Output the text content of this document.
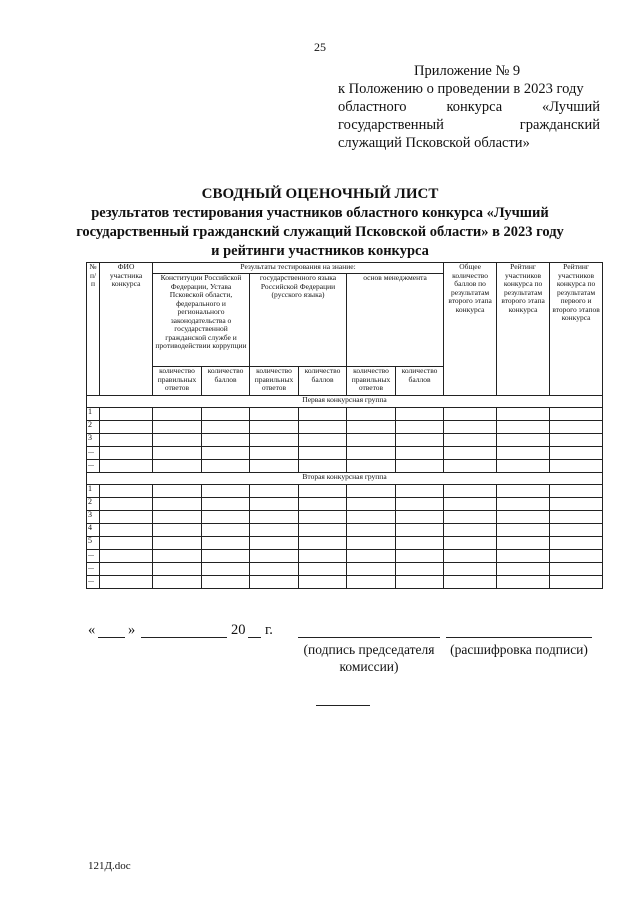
25
Приложение № 9
к Положению о проведении в 2023 году
областного конкурса «Лучший
государственный гражданский
служащий Псковской области»
СВОДНЫЙ ОЦЕНОЧНЫЙ ЛИСТ
результатов тестирования участников областного конкурса «Лучший
государственный гражданский служащий Псковской области» в 2023 году
и рейтинги участников конкурса
№ п/п	ФИО участника конкурса	Результаты тестирования на знание:						Общее количество баллов по результатам второго этапа конкурса	Рейтинг участников конкурса по результатам второго этапа конкурса	Рейтинг участников конкурса по результатам первого и второго этапов конкурса
		Конституции Российской Федерации, Устава Псковской области, федерального и регионального законодательства о государственной гражданской службе и противодействии коррупции		государственного языка Российской Федерации (русского языка)		основ менеджмента				
		количество правильных ответов	количество баллов	количество правильных ответов	количество баллов	количество правильных ответов	количество баллов			
Первая конкурсная группа										
1										
2										
3										
...										
...										
Вторая конкурсная группа										
1										
2										
3										
4										
5										
...										
...										
...										
« »	20 г.
(подпись председателя
комиссии)
(расшифровка подписи)
121Д.doc
